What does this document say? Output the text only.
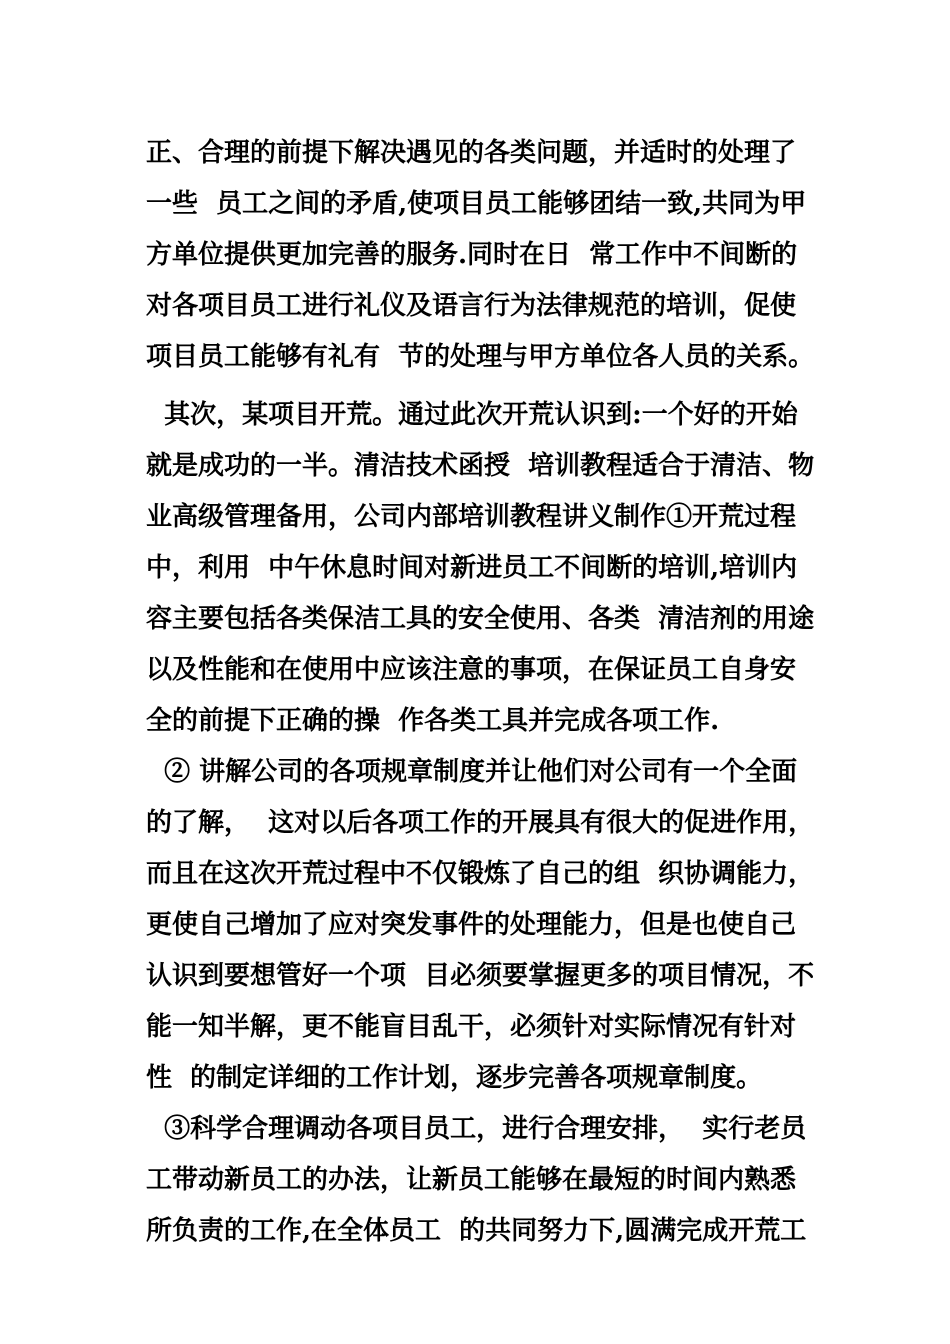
正、合理的前提下解决遇见的各类问题，并适时的处理了
一些  员工之间的矛盾,使项目员工能够团结一致,共同为甲
方单位提供更加完善的服务.同时在日  常工作中不间断的
对各项目员工进行礼仪及语言行为法律规范的培训，促使
项目员工能够有礼有  节的处理与甲方单位各人员的关系。
其次，某项目开荒。通过此次开荒认识到:一个好的开始
就是成功的一半。清洁技术函授  培训教程适合于清洁、物
业高级管理备用，公司内部培训教程讲义制作①开荒过程
中，利用  中午休息时间对新进员工不间断的培训,培训内
容主要包括各类保洁工具的安全使用、各类  清洁剂的用途
以及性能和在使用中应该注意的事项，在保证员工自身安
全的前提下正确的操  作各类工具并完成各项工作.
② 讲解公司的各项规章制度并让他们对公司有一个全面
的了解，  这对以后各项工作的开展具有很大的促进作用，
而且在这次开荒过程中不仅锻炼了自己的组  织协调能力，
更使自己增加了应对突发事件的处理能力，但是也使自己
认识到要想管好一个项  目必须要掌握更多的项目情况，不
能一知半解，更不能盲目乱干，必须针对实际情况有针对
性  的制定详细的工作计划，逐步完善各项规章制度。
③科学合理调动各项目员工，进行合理安排，  实行老员
工带动新员工的办法，让新员工能够在最短的时间内熟悉
所负责的工作,在全体员工  的共同努力下,圆满完成开荒工
